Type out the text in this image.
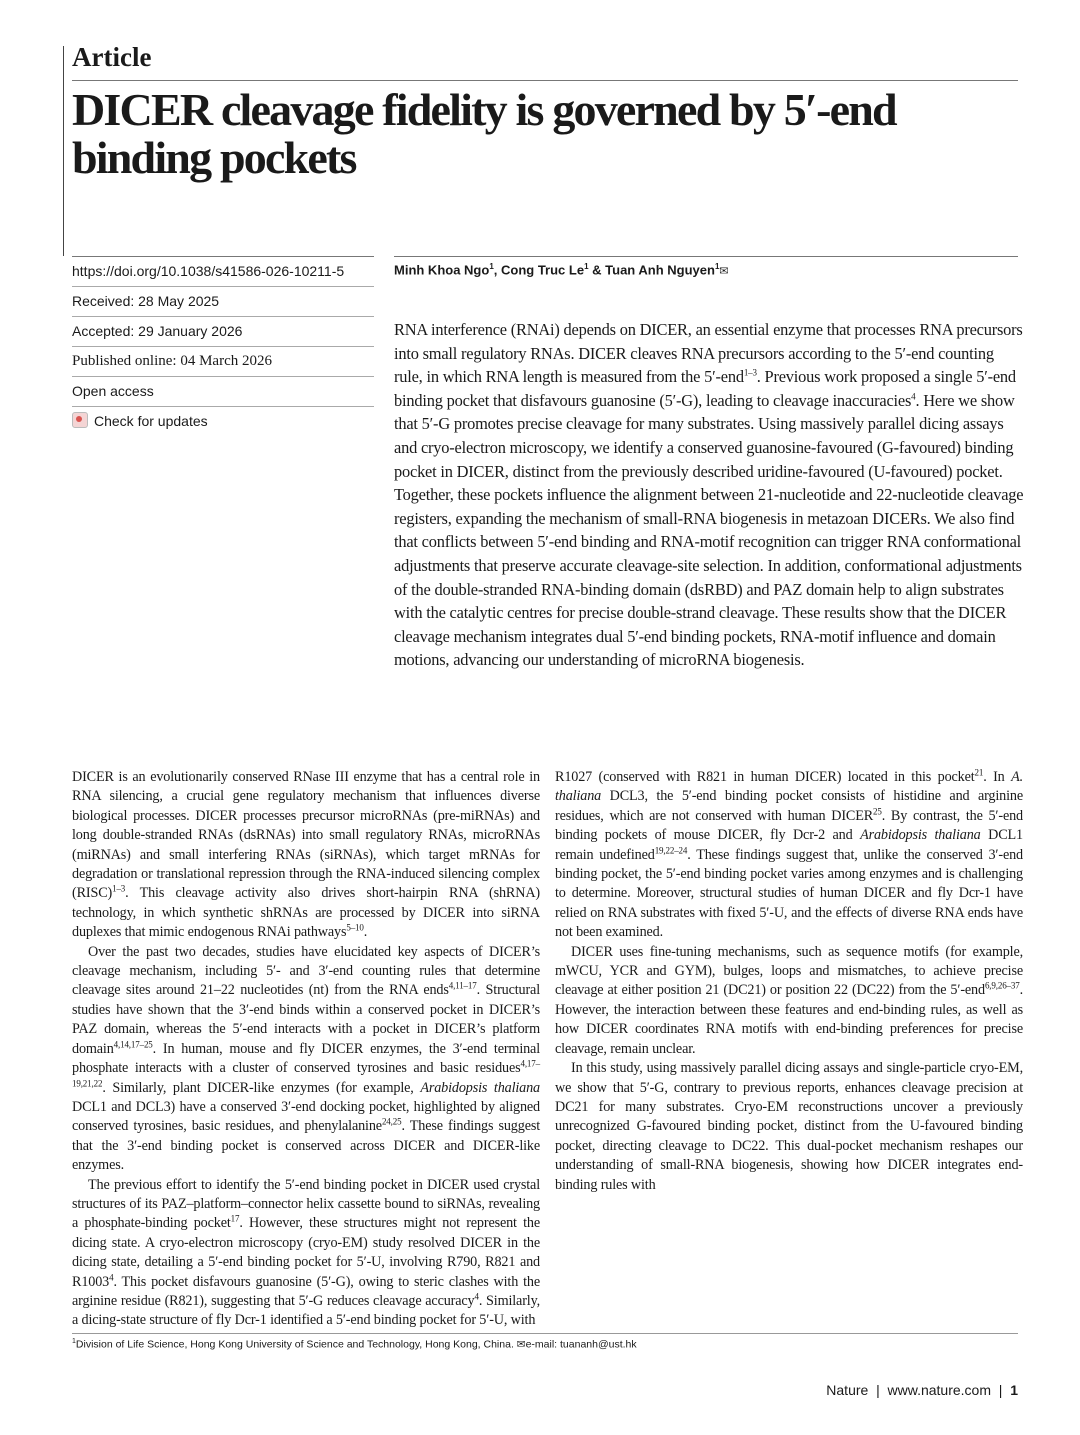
Article
DICER cleavage fidelity is governed by 5′-end binding pockets
https://doi.org/10.1038/s41586-026-10211-5
Received: 28 May 2025
Accepted: 29 January 2026
Published online: 04 March 2026
Open access
Check for updates
Minh Khoa Ngo$^1$, Cong Truc Le$^1$ & Tuan Anh Nguyen$^1$✉

RNA interference (RNAi) depends on DICER, an essential enzyme that processes RNA precursors into small regulatory RNAs. DICER cleaves RNA precursors according to the 5′-end counting rule, in which RNA length is measured from the 5′-end$^{1-3}$. Previous work proposed a single 5′-end binding pocket that disfavours guanosine (5′-G), leading to cleavage inaccuracies$^4$. Here we show that 5′-G promotes precise cleavage for many substrates. Using massively parallel dicing assays and cryo-electron microscopy, we identify a conserved guanosine-favoured (G-favoured) binding pocket in DICER, distinct from the previously described uridine-favoured (U-favoured) pocket. Together, these pockets influence the alignment between 21-nucleotide and 22-nucleotide cleavage registers, expanding the mechanism of small-RNA biogenesis in metazoan DICERs. We also find that conflicts between 5′-end binding and RNA-motif recognition can trigger RNA conformational adjustments that preserve accurate cleavage-site selection. In addition, conformational adjustments of the double-stranded RNA-binding domain (dsRBD) and PAZ domain help to align substrates with the catalytic centres for precise double-strand cleavage. These results show that the DICER cleavage mechanism integrates dual 5′-end binding pockets, RNA-motif influence and domain motions, advancing our understanding of microRNA biogenesis.

DICER is an evolutionarily conserved RNase III enzyme that has a central role in RNA silencing, a crucial gene regulatory mechanism that influences diverse biological processes. DICER processes precursor microRNAs (pre-miRNAs) and long double-stranded RNAs (dsRNAs) into small regulatory RNAs, microRNAs (miRNAs) and small interfering RNAs (siRNAs), which target mRNAs for degradation or translational repression through the RNA-induced silencing complex (RISC)$^{1-3}$. This cleavage activity also drives short-hairpin RNA (shRNA) technology, in which synthetic shRNAs are processed by DICER into siRNA duplexes that mimic endogenous RNAi pathways$^{5-10}$.

Over the past two decades, studies have elucidated key aspects of DICER’s cleavage mechanism, including 5′- and 3′-end counting rules that determine cleavage sites around 21–22 nucleotides (nt) from the RNA ends$^{4,11-17}$. Structural studies have shown that the 3′-end binds within a conserved pocket in DICER’s PAZ domain, whereas the 5′-end interacts with a pocket in DICER’s platform domain$^{4,14,17-25}$. In human, mouse and fly DICER enzymes, the 3′-end terminal phosphate interacts with a cluster of conserved tyrosines and basic residues$^{4,17-19,21,22}$. Similarly, plant DICER-like enzymes (for example, Arabidopsis thaliana DCL1 and DCL3) have a conserved 3′-end docking pocket, highlighted by aligned conserved tyrosines, basic residues, and phenylalanine$^{24,25}$. These findings suggest that the 3′-end binding pocket is conserved across DICER and DICER-like enzymes.

The previous effort to identify the 5′-end binding pocket in DICER used crystal structures of its PAZ–platform–connector helix cassette bound to siRNAs, revealing a phosphate-binding pocket$^{17}$. However, these structures might not represent the dicing state. A cryo-electron microscopy (cryo-EM) study resolved DICER in the dicing state, detailing a 5′-end binding pocket for 5′-U, involving R790, R821 and R1003$^4$. This pocket disfavours guanosine (5′-G), owing to steric clashes with the arginine residue (R821), suggesting that 5′-G reduces cleavage accuracy$^4$. Similarly, a dicing-state structure of fly Dcr-1 identified a 5′-end binding pocket for 5′-U, with

R1027 (conserved with R821 in human DICER) located in this pocket$^{21}$. In A. thaliana DCL3, the 5′-end binding pocket consists of histidine and arginine residues, which are not conserved with human DICER$^{25}$. By contrast, the 5′-end binding pockets of mouse DICER, fly Dcr-2 and Arabidopsis thaliana DCL1 remain undefined$^{19,22-24}$. These findings suggest that, unlike the conserved 3′-end binding pocket, the 5′-end binding pocket varies among enzymes and is challenging to determine. Moreover, structural studies of human DICER and fly Dcr-1 have relied on RNA substrates with fixed 5′-U, and the effects of diverse RNA ends have not been examined.

DICER uses fine-tuning mechanisms, such as sequence motifs (for example, mWCU, YCR and GYM), bulges, loops and mismatches, to achieve precise cleavage at either position 21 (DC21) or position 22 (DC22) from the 5′-end$^{6,9,26-37}$. However, the interaction between these features and end-binding rules, as well as how DICER coordinates RNA motifs with end-binding preferences for precise cleavage, remain unclear.

In this study, using massively parallel dicing assays and single-particle cryo-EM, we show that 5′-G, contrary to previous reports, enhances cleavage precision at DC21 for many substrates. Cryo-EM reconstructions uncover a previously unrecognized G-favoured binding pocket, distinct from the U-favoured binding pocket, directing cleavage to DC22. This dual-pocket mechanism reshapes our understanding of small-RNA biogenesis, showing how DICER integrates end-binding rules with

$^1$Division of Life Science, Hong Kong University of Science and Technology, Hong Kong, China. ✉e-mail: tuananh@ust.hk
Nature | www.nature.com | 1
